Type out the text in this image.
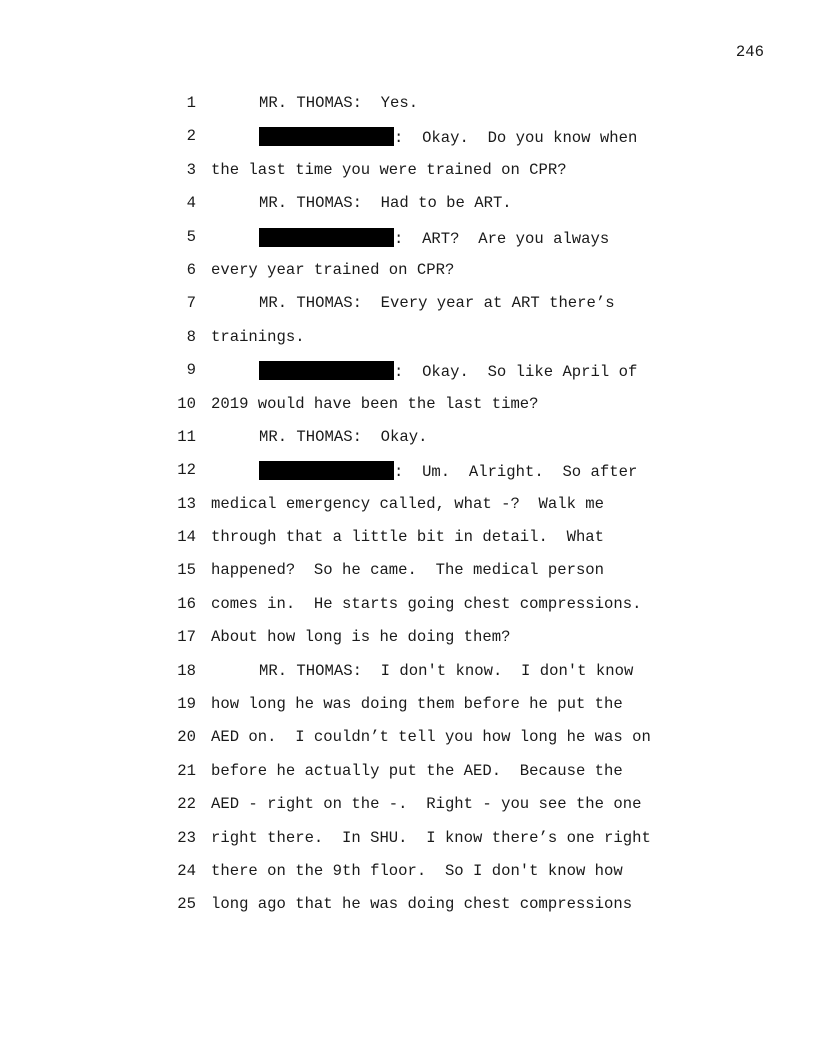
246
1	MR. THOMAS:  Yes.
2	:  Okay.  Do you know when
3 the last time you were trained on CPR?
4	MR. THOMAS:  Had to be ART.
5	:  ART?  Are you always
6 every year trained on CPR?
7	MR. THOMAS:  Every year at ART there’s
8 trainings.
9	:  Okay.  So like April of
10 2019 would have been the last time?
11	MR. THOMAS:  Okay.
12	:  Um.  Alright.  So after
13 medical emergency called, what -?  Walk me
14 through that a little bit in detail.  What
15 happened?  So he came.  The medical person
16 comes in.  He starts going chest compressions.
17 About how long is he doing them?
18	MR. THOMAS:  I don't know.  I don't know
19 how long he was doing them before he put the
20 AED on.  I couldn’t tell you how long he was on
21 before he actually put the AED.  Because the
22 AED - right on the -.  Right - you see the one
23 right there.  In SHU.  I know there’s one right
24 there on the 9th floor.  So I don't know how
25 long ago that he was doing chest compressions
